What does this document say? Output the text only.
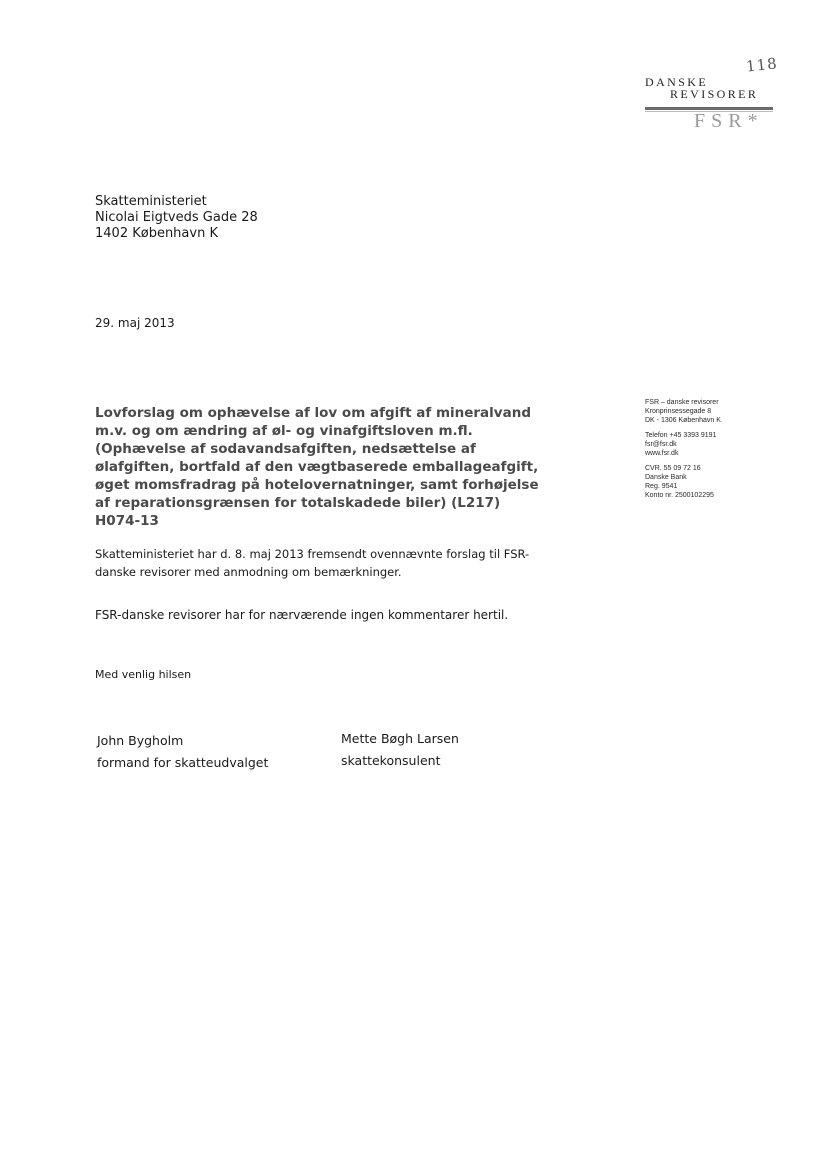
118
DANSKE
REVISORER
FSR*
Skatteministeriet
Nicolai Eigtveds Gade 28
1402 København K
29. maj 2013
FSR – danske revisorer
Kronprinsessegade 8
DK - 1306 København K
Telefon +45 3393 9191
fsr@fsr.dk
www.fsr.dk
CVR. 55 09 72 16
Danske Bank
Reg. 9541
Konto nr. 2500102295
Lovforslag om ophævelse af lov om afgift af mineralvand
m.v. og om ændring af øl- og vinafgiftsloven m.fl.
(Ophævelse af sodavandsafgiften, nedsættelse af
ølafgiften, bortfald af den vægtbaserede emballageafgift,
øget momsfradrag på hotelovernatninger, samt forhøjelse
af reparationsgrænsen for totalskadede biler) (L217)
H074-13
Skatteministeriet har d. 8. maj 2013 fremsendt ovennævnte forslag til FSR-
danske revisorer med anmodning om bemærkninger.
FSR-danske revisorer har for nærværende ingen kommentarer hertil.
Med venlig hilsen
John Bygholm
formand for skatteudvalget
Mette Bøgh Larsen
skattekonsulent
